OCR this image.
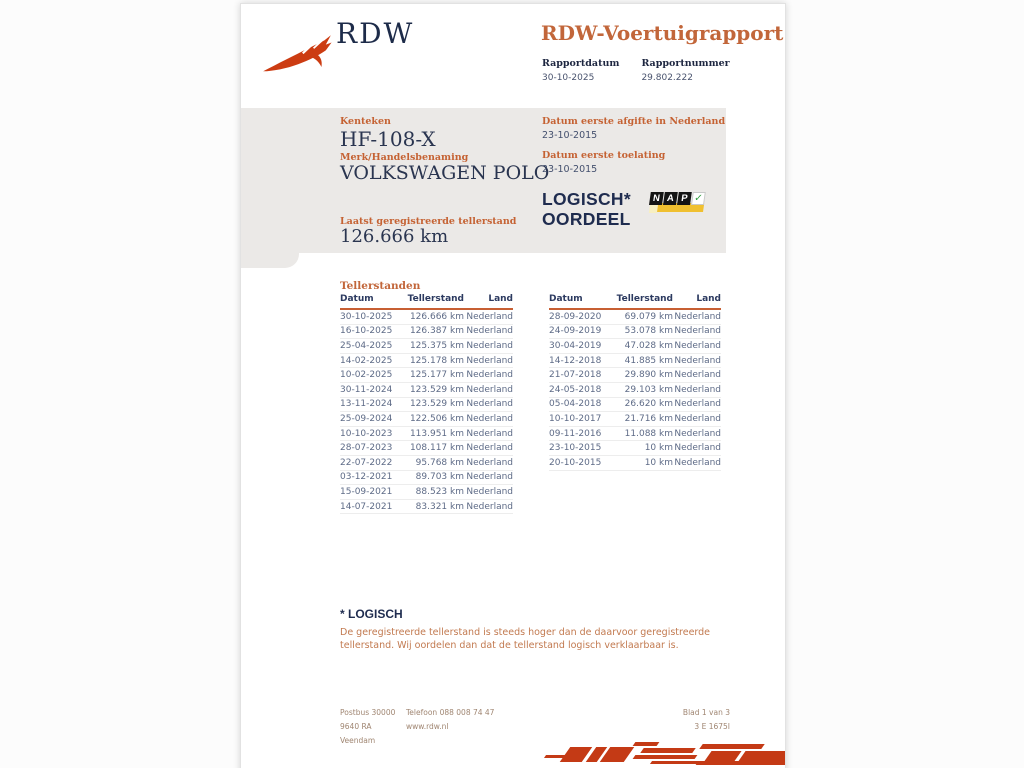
RDW	RDW-Voertuigrapport
Rapportdatum
30-10-2025
Rapportnummer
29.802.222
Kenteken
HF-108-X
Merk/Handelsbenaming
VOLKSWAGEN POLO
Laatst geregistreerde tellerstand
126.666 km
Datum eerste afgifte in Nederland
23-10-2015
Datum eerste toelating
23-10-2015
LOGISCH*
OORDEEL
N A P ✓
Tellerstanden
Datum	Tellerstand	Land
30-10-2025	126.666 km Nederland
16-10-2025	126.387 km Nederland
25-04-2025	125.375 km Nederland
14-02-2025	125.178 km Nederland
10-02-2025	125.177 km Nederland
30-11-2024	123.529 km Nederland
13-11-2024	123.529 km Nederland
25-09-2024	122.506 km Nederland
10-10-2023	113.951 km Nederland
28-07-2023	108.117 km Nederland
22-07-2022	95.768 km Nederland
03-12-2021	89.703 km Nederland
15-09-2021	88.523 km Nederland
14-07-2021	83.321 km Nederland
Datum	Tellerstand	Land
28-09-2020	69.079 km Nederland
24-09-2019	53.078 km Nederland
30-04-2019	47.028 km Nederland
14-12-2018	41.885 km Nederland
21-07-2018	29.890 km Nederland
24-05-2018	29.103 km Nederland
05-04-2018	26.620 km Nederland
10-10-2017	21.716 km Nederland
09-11-2016	11.088 km Nederland
23-10-2015	10 km Nederland
20-10-2015	10 km Nederland
* LOGISCH
De geregistreerde tellerstand is steeds hoger dan de daarvoor geregistreerde tellerstand. Wij oordelen dan dat de tellerstand logisch verklaarbaar is.
Postbus 30000
9640 RA Veendam
Telefoon 088 008 74 47
www.rdw.nl
Blad 1 van 3
3 E 1675I
